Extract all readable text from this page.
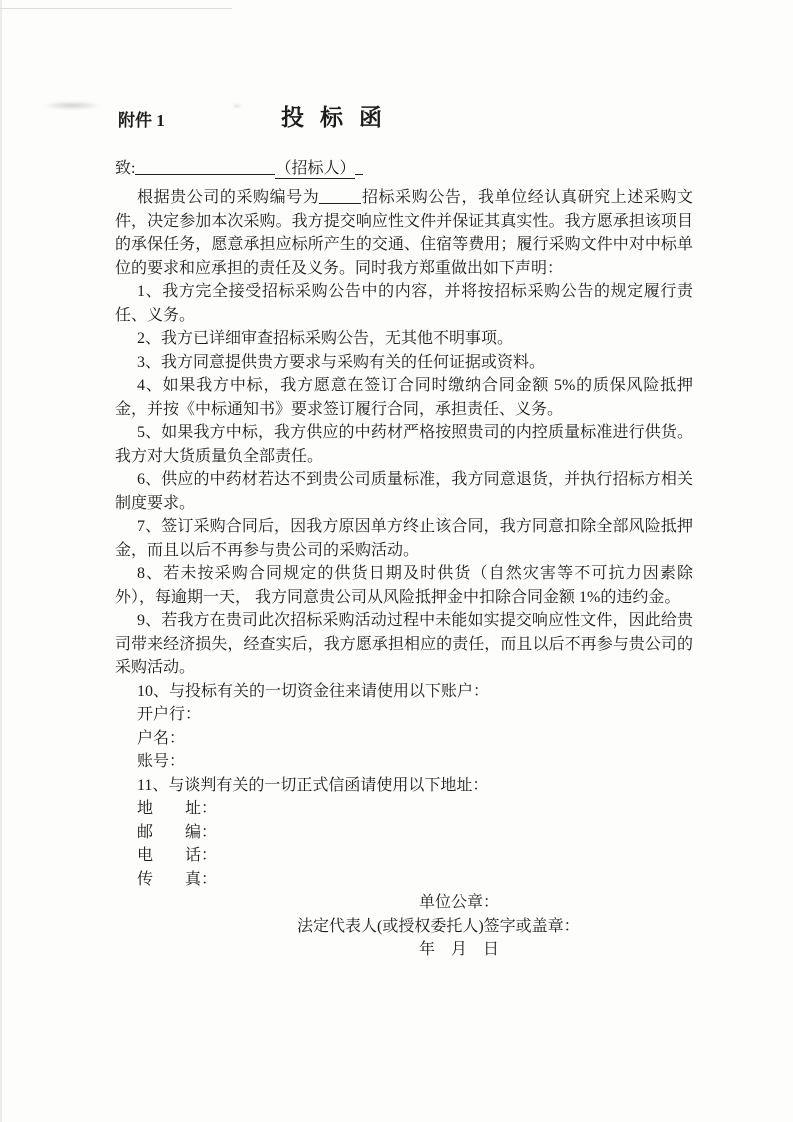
附件 1	投标函

致:	（招标人）

根据贵公司的采购编号为	招标采购公告，我单位经认真研究上述采购文件，决定参加本次采购。我方提交响应性文件并保证其真实性。我方愿承担该项目的承保任务，愿意承担应标所产生的交通、住宿等费用；履行采购文件中对中标单位的要求和应承担的责任及义务。同时我方郑重做出如下声明：

1、我方完全接受招标采购公告中的内容，并将按招标采购公告的规定履行责任、义务。

2、我方已详细审查招标采购公告，无其他不明事项。

3、我方同意提供贵方要求与采购有关的任何证据或资料。

4、如果我方中标，我方愿意在签订合同时缴纳合同金额 5%的质保风险抵押金，并按《中标通知书》要求签订履行合同，承担责任、义务。

5、如果我方中标，我方供应的中药材严格按照贵司的内控质量标准进行供货。我方对大货质量负全部责任。

6、供应的中药材若达不到贵公司质量标准，我方同意退货，并执行招标方相关制度要求。

7、签订采购合同后，因我方原因单方终止该合同，我方同意扣除全部风险抵押金，而且以后不再参与贵公司的采购活动。

8、若未按采购合同规定的供货日期及时供货（自然灾害等不可抗力因素除外），每逾期一天， 我方同意贵公司从风险抵押金中扣除合同金额 1%的违约金。

9、若我方在贵司此次招标采购活动过程中未能如实提交响应性文件，因此给贵司带来经济损失，经查实后，我方愿承担相应的责任，而且以后不再参与贵公司的采购活动。

10、与投标有关的一切资金往来请使用以下账户：

开户行：

户名：

账号：

11、与谈判有关的一切正式信函请使用以下地址：

地　　址：

邮　　编：

电　　话：

传　　真：

单位公章：

法定代表人(或授权委托人)签字或盖章：

年　月　日
